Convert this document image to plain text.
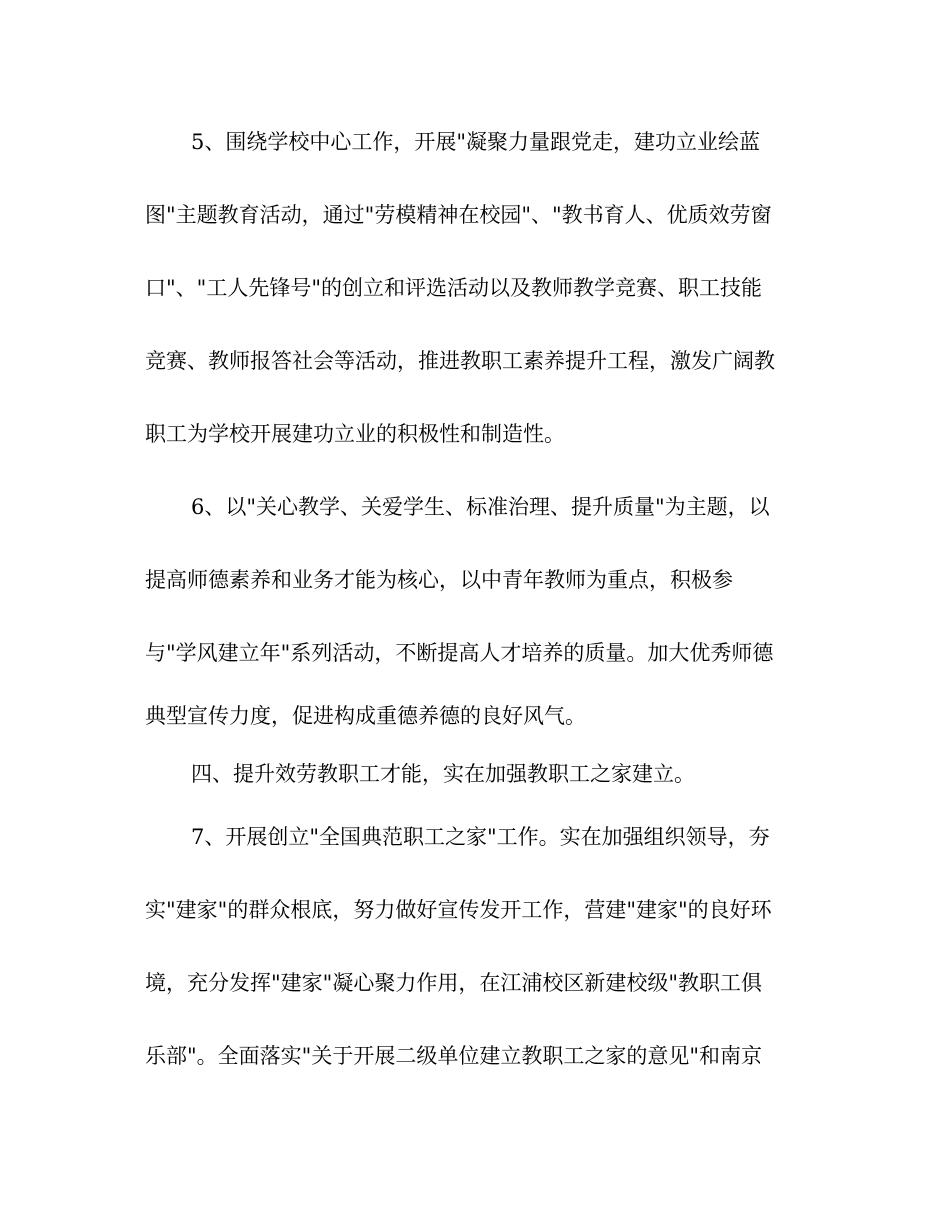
5、围绕学校中心工作，开展"凝聚力量跟党走，建功立业绘蓝
图"主题教育活动，通过"劳模精神在校园"、"教书育人、优质效劳窗
口"、"工人先锋号"的创立和评选活动以及教师教学竞赛、职工技能
竞赛、教师报答社会等活动，推进教职工素养提升工程，激发广阔教
职工为学校开展建功立业的积极性和制造性。
6、以"关心教学、关爱学生、标准治理、提升质量"为主题，以
提高师德素养和业务才能为核心，以中青年教师为重点，积极参
与"学风建立年"系列活动，不断提高人才培养的质量。加大优秀师德
典型宣传力度，促进构成重德养德的良好风气。
四、提升效劳教职工才能，实在加强教职工之家建立。
7、开展创立"全国典范职工之家"工作。实在加强组织领导，夯
实"建家"的群众根底，努力做好宣传发开工作，营建"建家"的良好环
境，充分发挥"建家"凝心聚力作用，在江浦校区新建校级"教职工俱
乐部"。全面落实"关于开展二级单位建立教职工之家的意见"和南京
